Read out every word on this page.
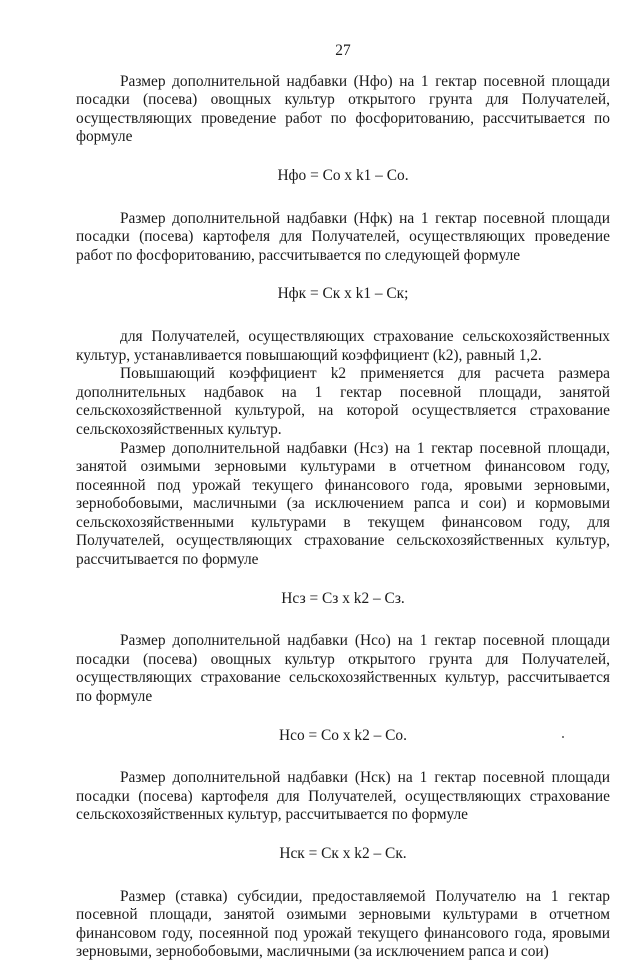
27

Размер дополнительной надбавки (Нфо) на 1 гектар посевной площади посадки (посева) овощных культур открытого грунта для Получателей, осуществляющих проведение работ по фосфоритованию, рассчитывается по формуле

Нфо = Со х k1 – Со.

Размер дополнительной надбавки (Нфк) на 1 гектар посевной площади посадки (посева) картофеля для Получателей, осуществляющих проведение работ по фосфоритованию, рассчитывается по следующей формуле

Нфк = Ск х k1 – Ск;

для Получателей, осуществляющих страхование сельскохозяйственных культур, устанавливается повышающий коэффициент (k2), равный 1,2.

Повышающий коэффициент k2 применяется для расчета размера дополнительных надбавок на 1 гектар посевной площади, занятой сельскохозяйственной культурой, на которой осуществляется страхование сельскохозяйственных культур.

Размер дополнительной надбавки (Нсз) на 1 гектар посевной площади, занятой озимыми зерновыми культурами в отчетном финансовом году, посеянной под урожай текущего финансового года, яровыми зерновыми, зернобобовыми, масличными (за исключением рапса и сои) и кормовыми сельскохозяйственными культурами в текущем финансовом году, для Получателей, осуществляющих страхование сельскохозяйственных культур, рассчитывается по формуле

Нсз = Сз х k2 – Сз.

Размер дополнительной надбавки (Нсо) на 1 гектар посевной площади посадки (посева) овощных культур открытого грунта для Получателей, осуществляющих страхование сельскохозяйственных культур, рассчитывается по формуле

Нсо = Со х k2 – Со.

Размер дополнительной надбавки (Нск) на 1 гектар посевной площади посадки (посева) картофеля для Получателей, осуществляющих страхование сельскохозяйственных культур, рассчитывается по формуле

Нск = Ск х k2 – Ск.

Размер (ставка) субсидии, предоставляемой Получателю на 1 гектар посевной площади, занятой озимыми зерновыми культурами в отчетном финансовом году, посеянной под урожай текущего финансового года, яровыми зерновыми, зернобобовыми, масличными (за исключением рапса и сои)
